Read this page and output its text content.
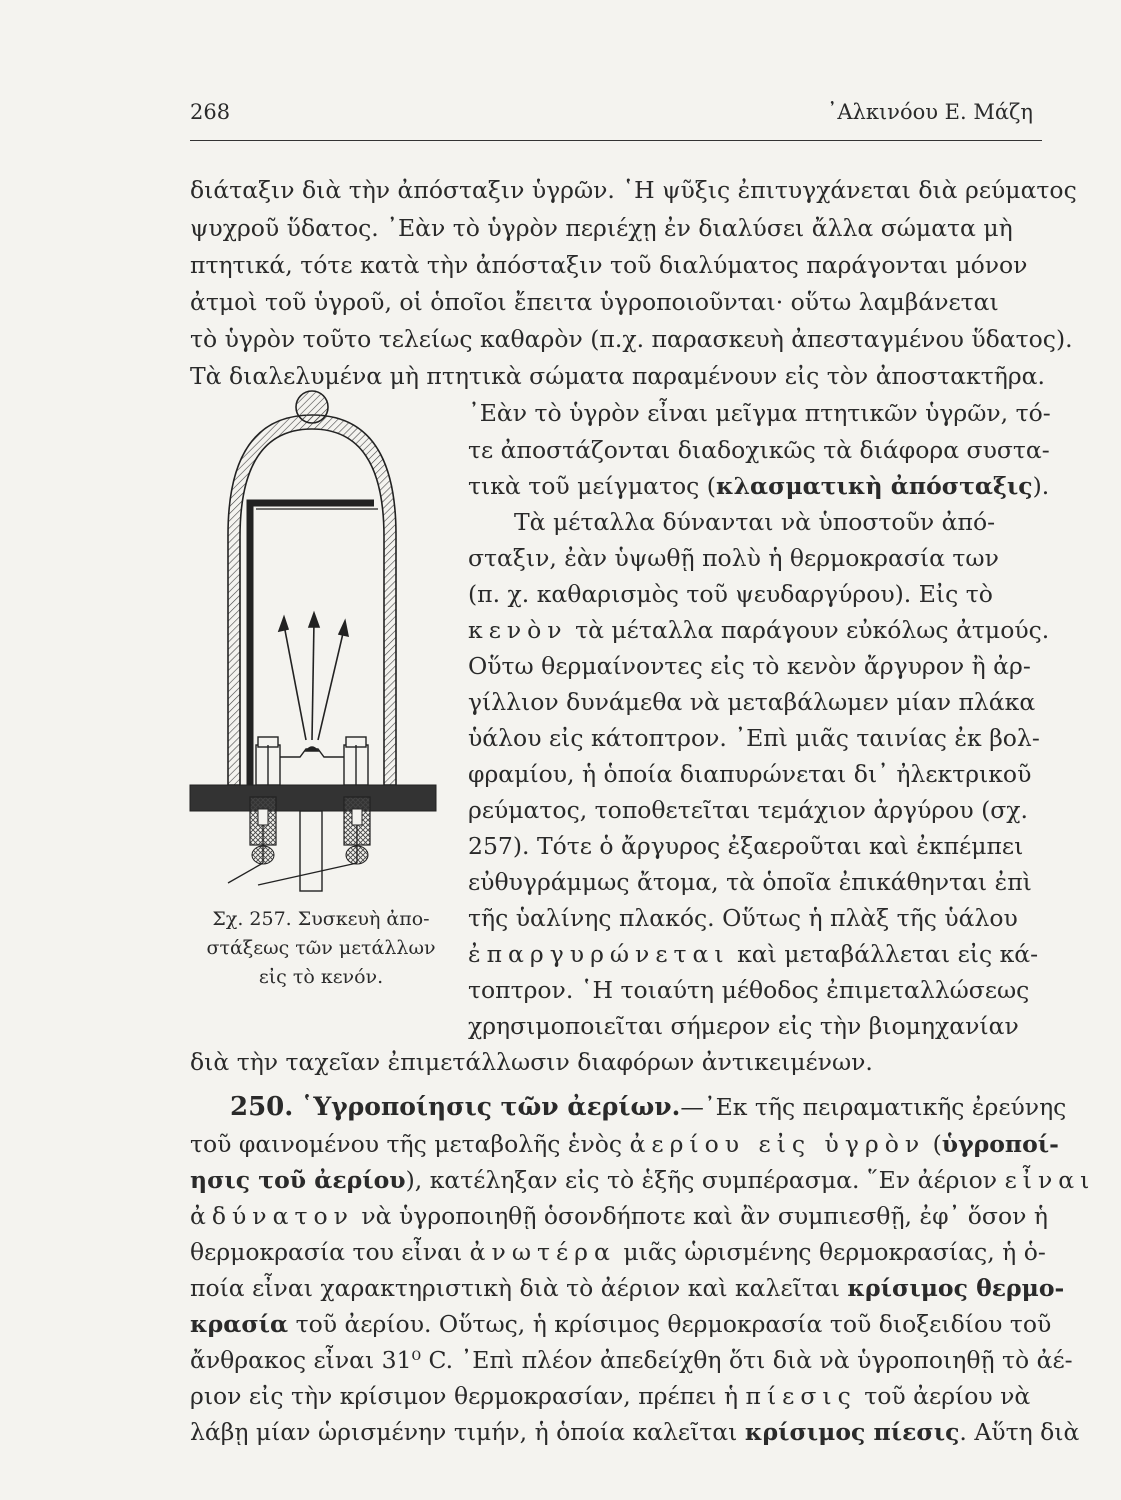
268	᾿Αλκινόου Ε. Μάζη
διάταξιν διὰ τὴν ἀπόσταξιν ὑγρῶν. ῾Η ψῦξις ἐπιτυγχάνεται διὰ ρεύματος
ψυχροῦ ὕδατος. ᾿Εὰν τὸ ὑγρὸν περιέχῃ ἐν διαλύσει ἄλλα σώματα μὴ
πτητικά, τότε κατὰ τὴν ἀπόσταξιν τοῦ διαλύματος παράγονται μόνον
ἀτμοὶ τοῦ ὑγροῦ, οἱ ὁποῖοι ἔπειτα ὑγροποιοῦνται· οὕτω λαμβάνεται
τὸ ὑγρὸν τοῦτο τελείως καθαρὸν (π.χ. παρασκευὴ ἀπεσταγμένου ὕδατος).
Τὰ διαλελυμένα μὴ πτητικὰ σώματα παραμένουν εἰς τὸν ἀποστακτῆρα.
᾿Εὰν τὸ ὑγρὸν εἶναι μεῖγμα πτητικῶν ὑγρῶν, τό-
τε ἀποστάζονται διαδοχικῶς τὰ διάφορα συστα-
τικὰ τοῦ μείγματος (κλασματικὴ ἀπόσταξις).
Τὰ μέταλλα δύνανται νὰ ὑποστοῦν ἀπό-
σταξιν, ἐὰν ὑψωθῇ πολὺ ἡ θερμοκρασία των
(π. χ. καθαρισμὸς τοῦ ψευδαργύρου). Εἰς τὸ
κενὸν τὰ μέταλλα παράγουν εὐκόλως ἀτμούς.
Οὕτω θερμαίνοντες εἰς τὸ κενὸν ἄργυρον ἢ ἀρ-
γίλλιον δυνάμεθα νὰ μεταβάλωμεν μίαν πλάκα
ὑάλου εἰς κάτοπτρον. ᾿Επὶ μιᾶς ταινίας ἐκ βολ-
φραμίου, ἡ ὁποία διαπυρώνεται δι᾿ ἠλεκτρικοῦ
ρεύματος, τοποθετεῖται τεμάχιον ἀργύρου (σχ.
257). Τότε ὁ ἄργυρος ἐξαεροῦται καὶ ἐκπέμπει
εὐθυγράμμως ἄτομα, τὰ ὁποῖα ἐπικάθηνται ἐπὶ
τῆς ὑαλίνης πλακός. Οὕτως ἡ πλὰξ τῆς ὑάλου
ἐπαργυρώνεται καὶ μεταβάλλεται εἰς κά-
τοπτρον. ῾Η τοιαύτη μέθοδος ἐπιμεταλλώσεως
χρησιμοποιεῖται σήμερον εἰς τὴν βιομηχανίαν
διὰ τὴν ταχεῖαν ἐπιμετάλλωσιν διαφόρων ἀντικειμένων.
Σχ. 257. Συσκευὴ ἀπο-
στάξεως τῶν μετάλλων
εἰς τὸ κενόν.
250. ῾Υγροποίησις τῶν ἀερίων.—᾿Εκ τῆς πειραματικῆς ἐρεύνης
τοῦ φαινομένου τῆς μεταβολῆς ἑνὸς ἀερίου εἰς ὑγρὸν (ὑγροποί-
ησις τοῦ ἀερίου), κατέληξαν εἰς τὸ ἑξῆς συμπέρασμα. ῞Εν ἀέριον εἶναι
ἀδύνατον νὰ ὑγροποιηθῇ ὁσονδήποτε καὶ ἂν συμπιεσθῇ, ἐφ᾿ ὅσον ἡ
θερμοκρασία του εἶναι ἀνωτέρα μιᾶς ὡρισμένης θερμοκρασίας, ἡ ὁ-
ποία εἶναι χαρακτηριστικὴ διὰ τὸ ἀέριον καὶ καλεῖται κρίσιμος θερμο-
κρασία τοῦ ἀερίου. Οὕτως, ἡ κρίσιμος θερμοκρασία τοῦ διοξειδίου τοῦ
ἄνθρακος εἶναι 31⁰ C. ᾿Επὶ πλέον ἀπεδείχθη ὅτι διὰ νὰ ὑγροποιηθῇ τὸ ἀέ-
ριον εἰς τὴν κρίσιμον θερμοκρασίαν, πρέπει ἡ πίεσις τοῦ ἀερίου νὰ
λάβῃ μίαν ὡρισμένην τιμήν, ἡ ὁποία καλεῖται κρίσιμος πίεσις. Αὕτη διὰ
